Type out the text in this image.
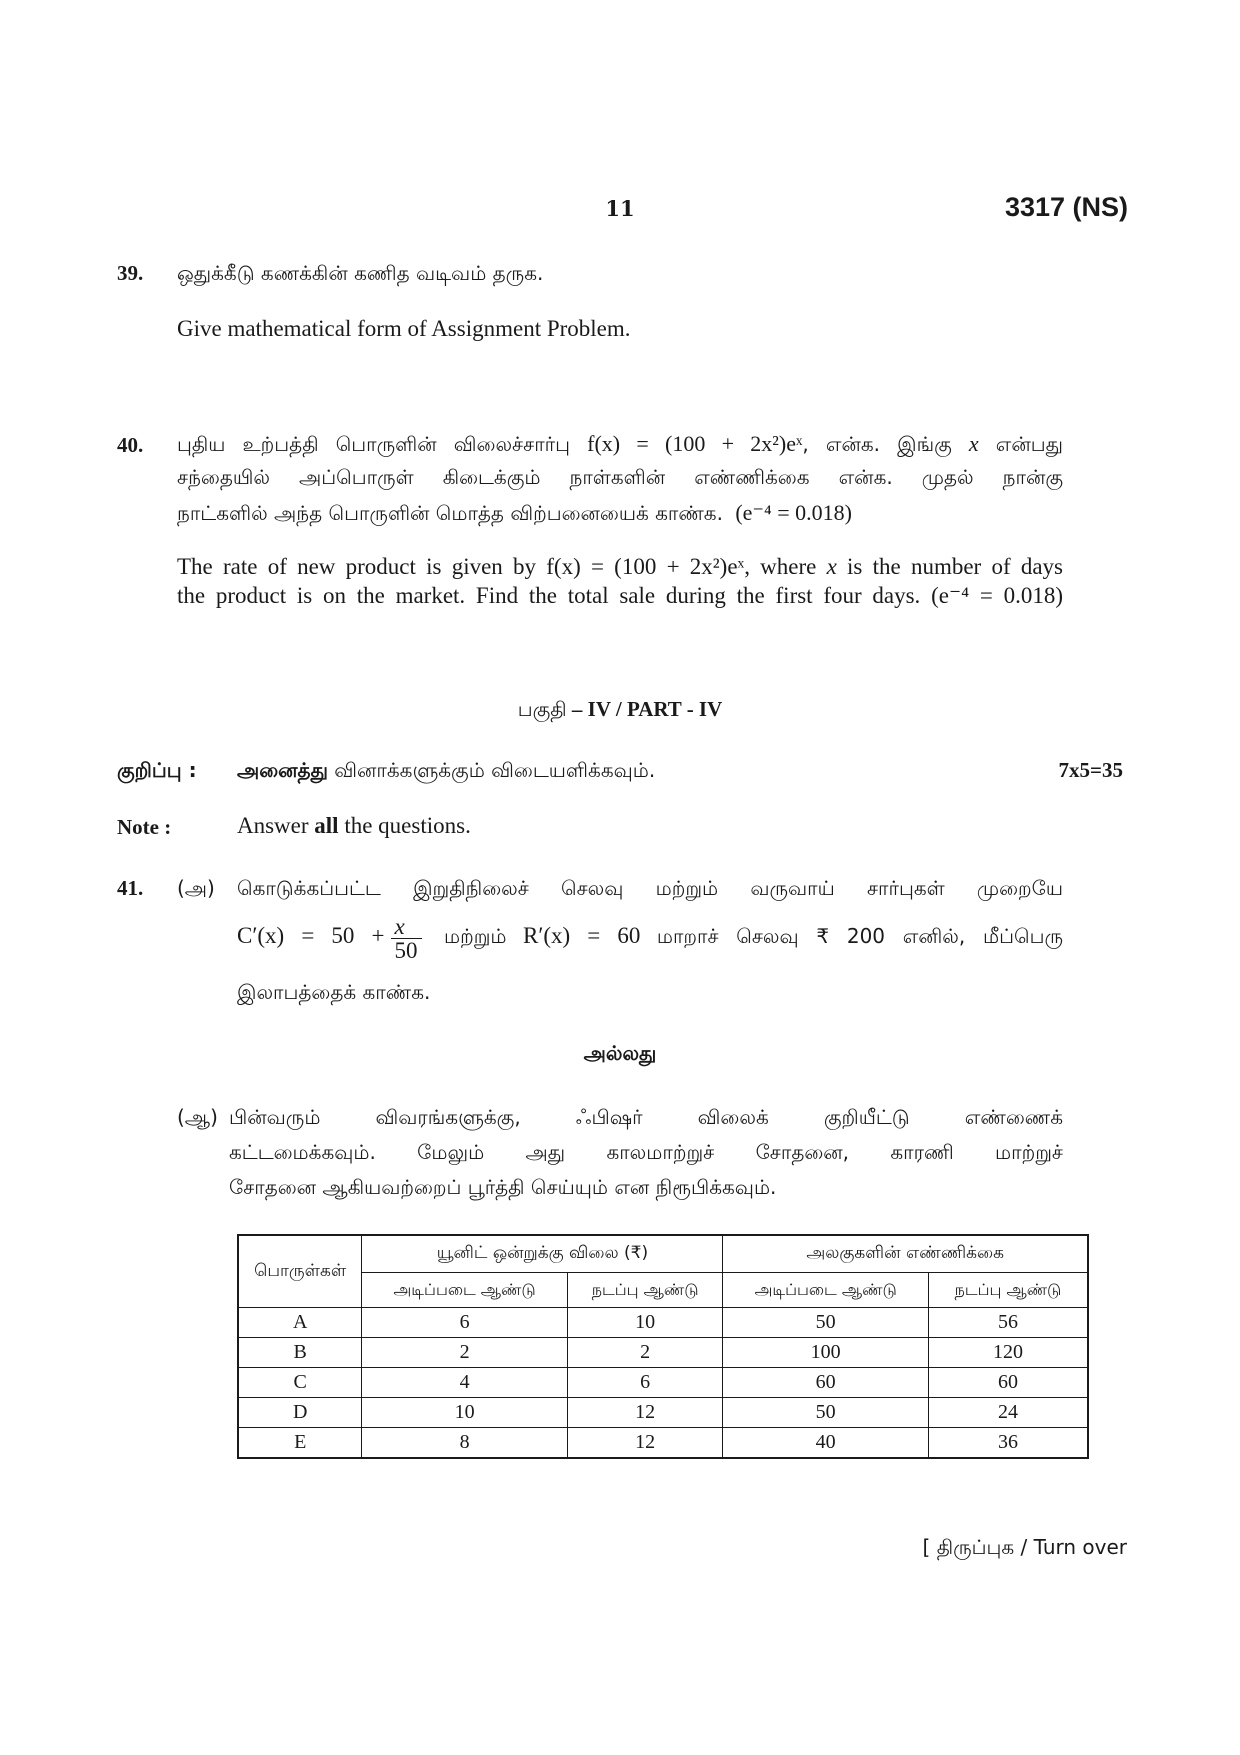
11	3317 (NS)
39. ஒதுக்கீடு கணக்கின் கணித வடிவம் தருக.
Give mathematical form of Assignment Problem.
40. புதிய உற்பத்தி பொருளின் விலைச்சார்பு f(x) = (100 + 2x²)eˣ, என்க. இங்கு x என்பது
சந்தையில் அப்பொருள் கிடைக்கும் நாள்களின் எண்ணிக்கை என்க. முதல் நான்கு
நாட்களில் அந்த பொருளின் மொத்த விற்பனையைக் காண்க. (e⁻⁴ = 0.018)
The rate of new product is given by f(x) = (100 + 2x²)eˣ, where x is the number of days
the product is on the market. Find the total sale during the first four days. (e⁻⁴ = 0.018)
பகுதி – IV / PART - IV
குறிப்பு : அனைத்து வினாக்களுக்கும் விடையளிக்கவும்.	7x5=35
Note :	Answer all the questions.
41. (அ) கொடுக்கப்பட்ட இறுதிநிலைச் செலவு மற்றும் வருவாய் சார்புகள் முறையே
$C'(x) = 50 + \frac{x}{50}$ மற்றும் R′(x) = 60 மாறாச் செலவு ₹ 200 எனில், மீப்பெரு
இலாபத்தைக் காண்க.
அல்லது
(ஆ) பின்வரும் விவரங்களுக்கு, ஃபிஷர் விலைக் குறியீட்டு எண்ணைக்
கட்டமைக்கவும். மேலும் அது காலமாற்றுச் சோதனை, காரணி மாற்றுச்
சோதனை ஆகியவற்றைப் பூர்த்தி செய்யும் என நிரூபிக்கவும்.
பொருள்கள்	யூனிட் ஒன்றுக்கு விலை (₹)		அலகுகளின் எண்ணிக்கை	
	அடிப்படை ஆண்டு	நடப்பு ஆண்டு	அடிப்படை ஆண்டு	நடப்பு ஆண்டு
A	6	10	50	56
B	2	2	100	120
C	4	6	60	60
D	10	12	50	24
E	8	12	40	36
[ திருப்புக / Turn over
